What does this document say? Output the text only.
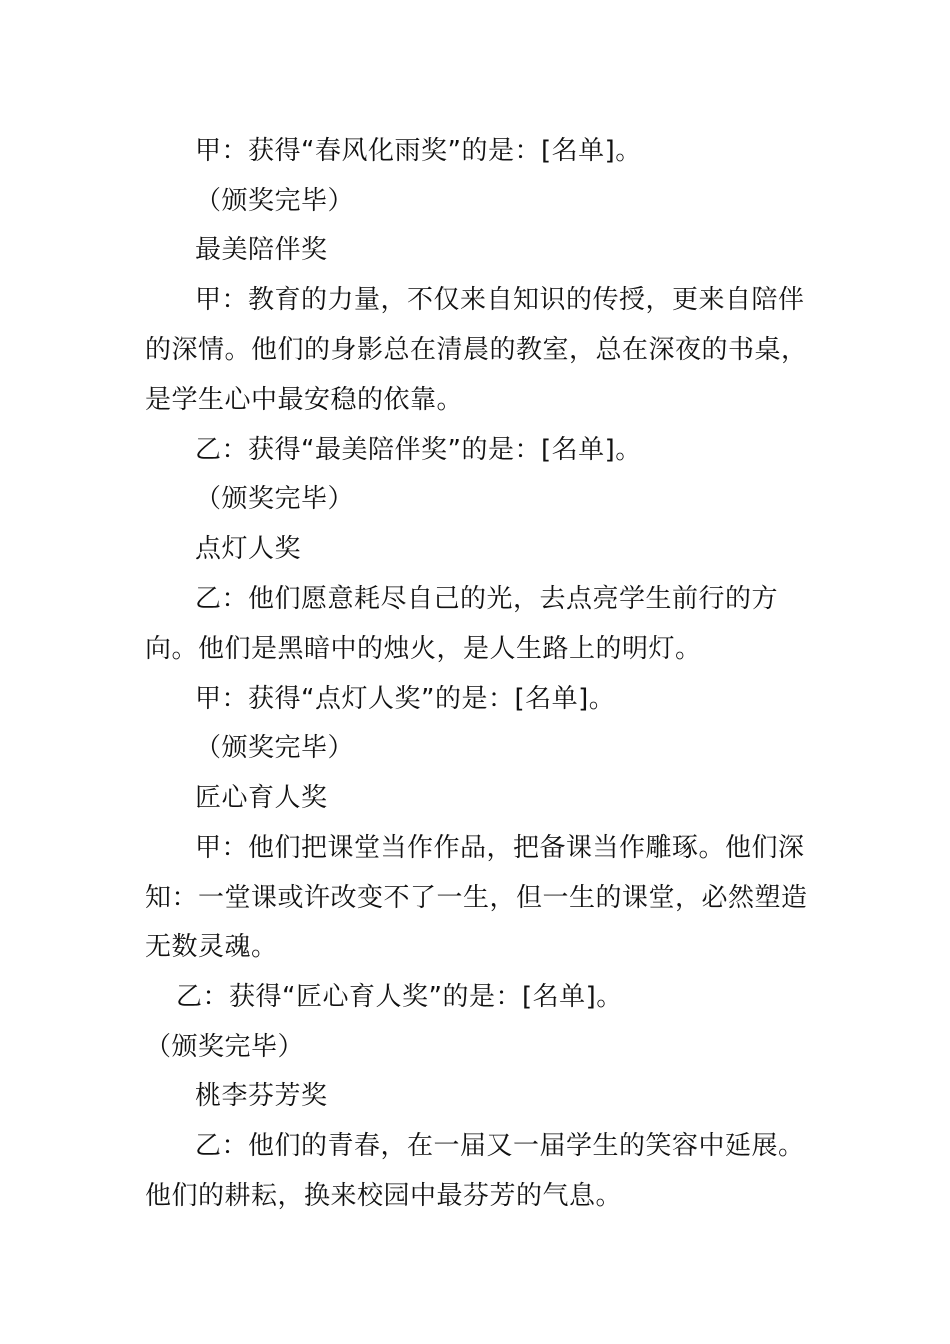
甲：获得“春风化雨奖”的是：[名单]。
（颁奖完毕）
最美陪伴奖
甲：教育的力量，不仅来自知识的传授，更来自陪伴
的深情。他们的身影总在清晨的教室，总在深夜的书桌，
是学生心中最安稳的依靠。
乙：获得“最美陪伴奖”的是：[名单]。
（颁奖完毕）
点灯人奖
乙：他们愿意耗尽自己的光，去点亮学生前行的方
向。他们是黑暗中的烛火，是人生路上的明灯。
甲：获得“点灯人奖”的是：[名单]。
（颁奖完毕）
匠心育人奖
甲：他们把课堂当作作品，把备课当作雕琢。他们深
知：一堂课或许改变不了一生，但一生的课堂，必然塑造
无数灵魂。
乙：获得“匠心育人奖”的是：[名单]。
（颁奖完毕）
桃李芬芳奖
乙：他们的青春，在一届又一届学生的笑容中延展。
他们的耕耘，换来校园中最芬芳的气息。
